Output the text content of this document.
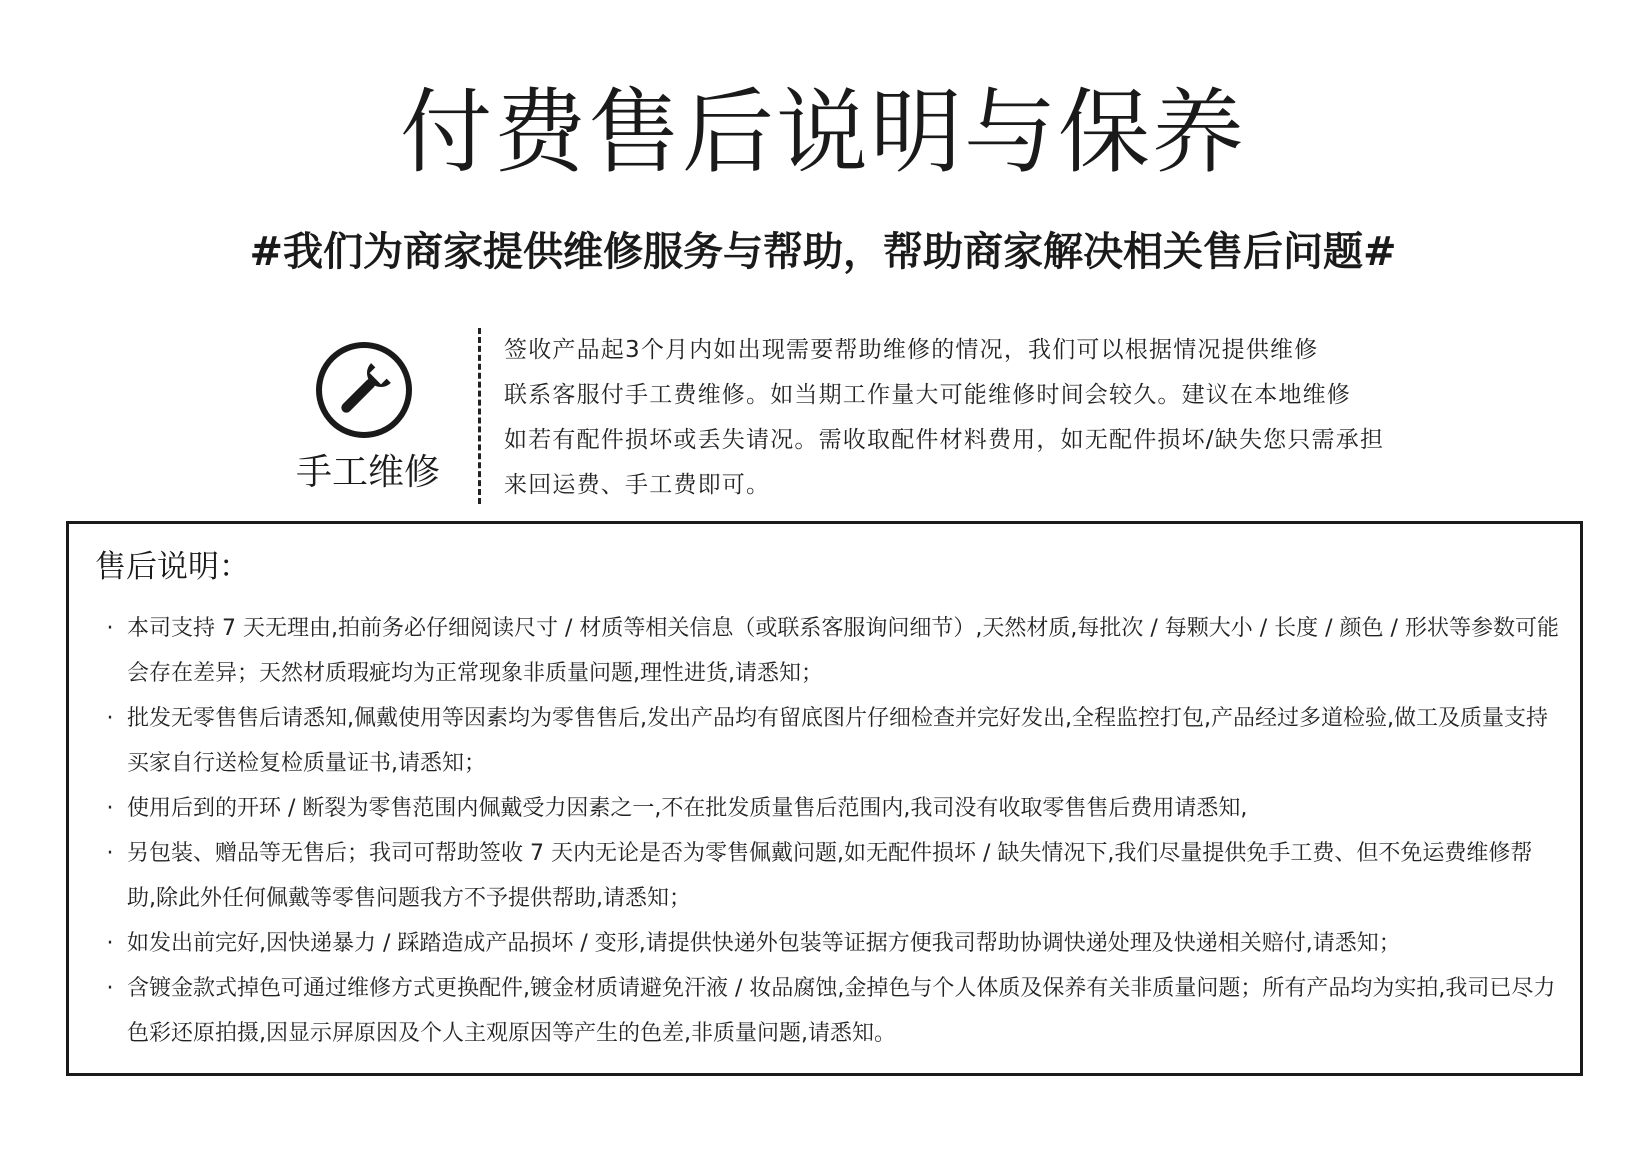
付费售后说明与保养
#我们为商家提供维修服务与帮助，帮助商家解决相关售后问题#
手工维修
签收产品起3个月内如出现需要帮助维修的情况，我们可以根据情况提供维修
联系客服付手工费维修。如当期工作量大可能维修时间会较久。建议在本地维修
如若有配件损坏或丢失请况。需收取配件材料费用，如无配件损坏/缺失您只需承担
来回运费、手工费即可。
售后说明：
· 本司支持 7 天无理由,拍前务必仔细阅读尺寸 / 材质等相关信息（或联系客服询问细节）,天然材质,每批次 / 每颗大小 / 长度 / 颜色 / 形状等参数可能会存在差异；天然材质瑕疵均为正常现象非质量问题,理性进货,请悉知；
· 批发无零售售后请悉知,佩戴使用等因素均为零售售后,发出产品均有留底图片仔细检查并完好发出,全程监控打包,产品经过多道检验,做工及质量支持买家自行送检复检质量证书,请悉知；
· 使用后到的开环 / 断裂为零售范围内佩戴受力因素之一,不在批发质量售后范围内,我司没有收取零售售后费用请悉知,
· 另包装、赠品等无售后；我司可帮助签收 7 天内无论是否为零售佩戴问题,如无配件损坏 / 缺失情况下,我们尽量提供免手工费、但不免运费维修帮助,除此外任何佩戴等零售问题我方不予提供帮助,请悉知；
· 如发出前完好,因快递暴力 / 踩踏造成产品损坏 / 变形,请提供快递外包装等证据方便我司帮助协调快递处理及快递相关赔付,请悉知；
· 含镀金款式掉色可通过维修方式更换配件,镀金材质请避免汗液 / 妆品腐蚀,金掉色与个人体质及保养有关非质量问题；所有产品均为实拍,我司已尽力色彩还原拍摄,因显示屏原因及个人主观原因等产生的色差,非质量问题,请悉知。
